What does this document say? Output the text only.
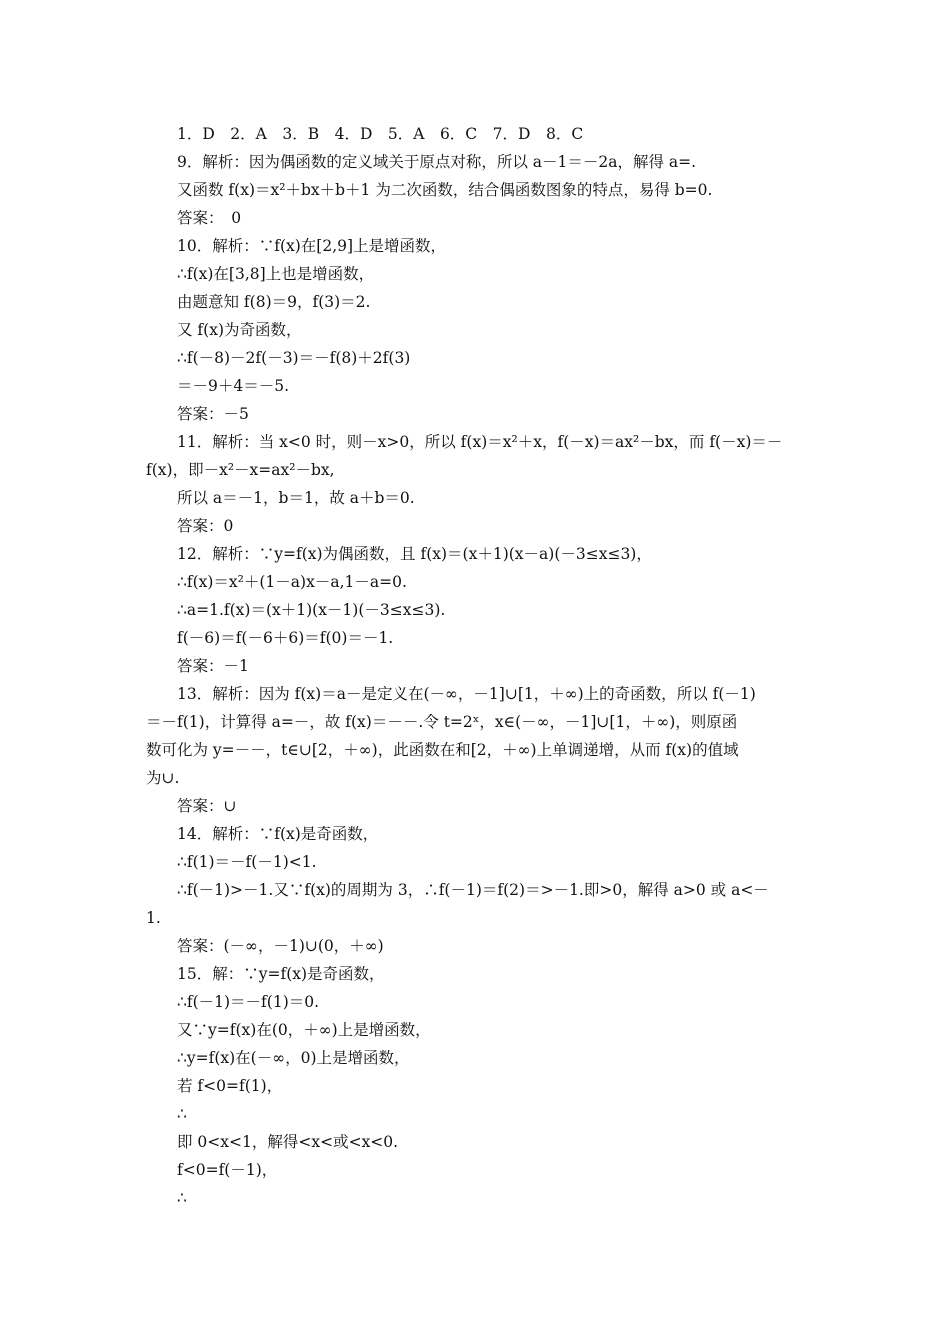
1．D　2．A　3．B　4．D　5．A　6．C　7．D　8．C
9．解析：因为偶函数的定义域关于原点对称，所以 a－1＝－2a，解得 a=.
又函数 f(x)＝x²＋bx＋b＋1 为二次函数，结合偶函数图象的特点，易得 b=0.
答案：　0
10．解析：∵f(x)在[2,9]上是增函数，
∴f(x)在[3,8]上也是增函数，
由题意知 f(8)＝9，f(3)＝2.
又 f(x)为奇函数，
∴f(－8)－2f(－3)＝－f(8)＋2f(3)
＝－9＋4＝－5.
答案：－5
11．解析：当 x<0 时，则－x>0，所以 f(x)＝x²＋x，f(－x)＝ax²－bx，而 f(－x)＝－
f(x)，即－x²－x=ax²－bx,
所以 a＝－1，b＝1，故 a＋b＝0.
答案：0
12．解析：∵y=f(x)为偶函数，且 f(x)＝(x＋1)(x－a)(－3≤x≤3)，
∴f(x)＝x²＋(1－a)x－a,1－a=0.
∴a=1.f(x)＝(x＋1)(x－1)(－3≤x≤3).
f(－6)＝f(－6＋6)＝f(0)＝－1.
答案：－1
13．解析：因为 f(x)＝a－是定义在(－∞，－1]∪[1，＋∞)上的奇函数，所以 f(－1)
＝－f(1)，计算得 a=－，故 f(x)＝－－.令 t=2ˣ，x∈(－∞，－1]∪[1，＋∞)，则原函
数可化为 y=－－，t∈∪[2，＋∞)，此函数在和[2，＋∞)上单调递增，从而 f(x)的值域
为∪.
答案：∪
14．解析：∵f(x)是奇函数，
∴f(1)＝－f(－1)<1.
∴f(－1)>－1.又∵f(x)的周期为 3，∴f(－1)＝f(2)＝>－1.即>0，解得 a>0 或 a<－
1.
答案：(－∞，－1)∪(0，＋∞)
15．解：∵y=f(x)是奇函数，
∴f(－1)＝－f(1)＝0.
又∵y=f(x)在(0，＋∞)上是增函数，
∴y=f(x)在(－∞，0)上是增函数，
若 f<0=f(1)，
∴
即 0<x<1，解得<x<或<x<0.
f<0=f(－1)，
∴
